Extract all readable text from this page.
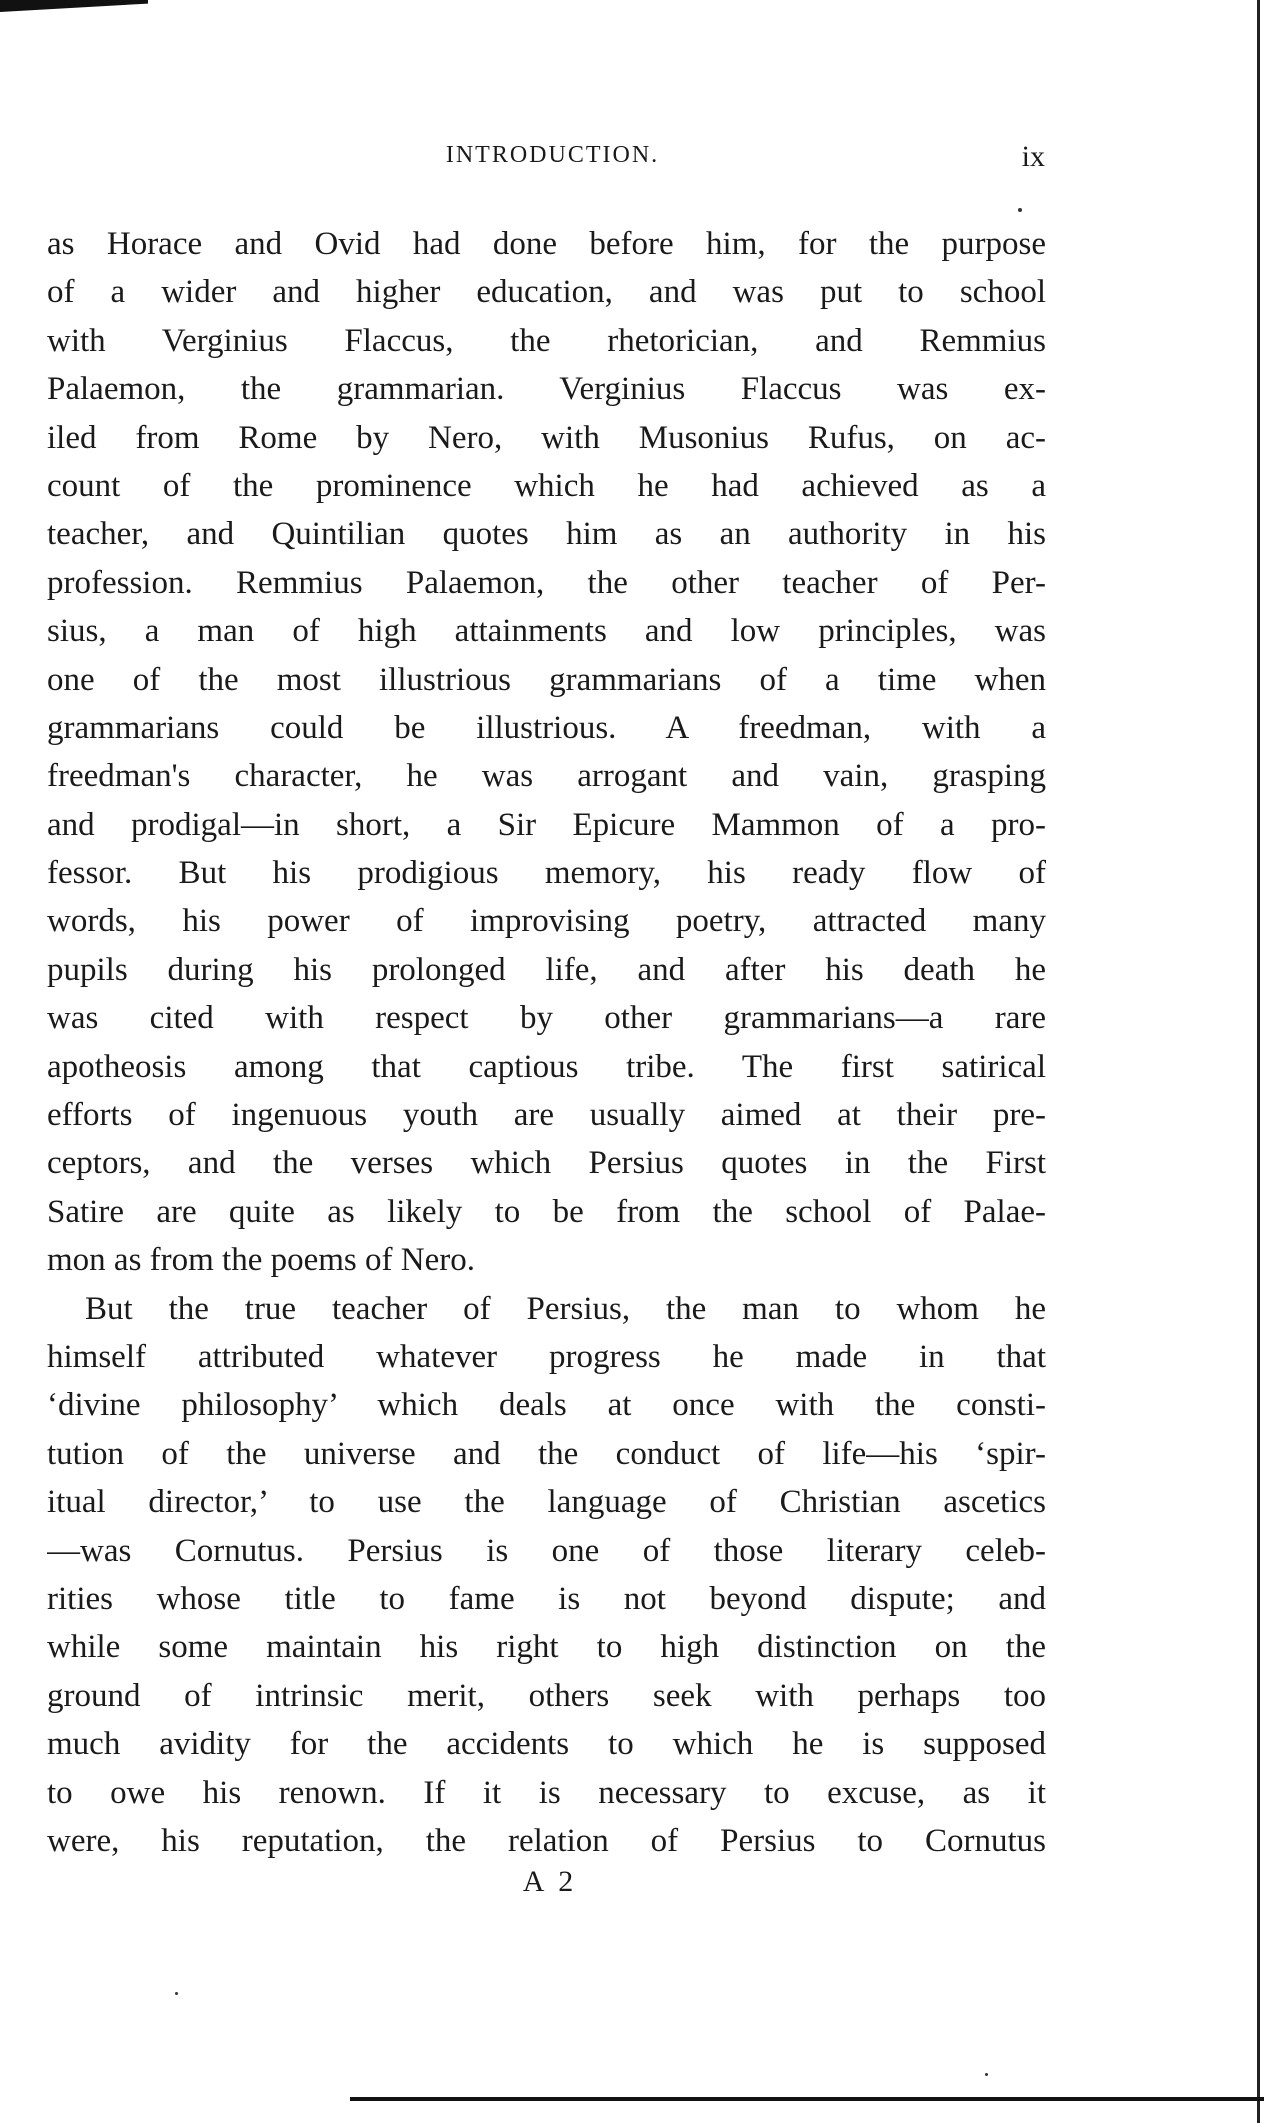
INTRODUCTION.	ix
as Horace and Ovid had done before him, for the purpose
of a wider and higher education, and was put to school
with Verginius Flaccus, the rhetorician, and Remmius
Palaemon, the grammarian. Verginius Flaccus was ex-
iled from Rome by Nero, with Musonius Rufus, on ac-
count of the prominence which he had achieved as a
teacher, and Quintilian quotes him as an authority in his
profession. Remmius Palaemon, the other teacher of Per-
sius, a man of high attainments and low principles, was
one of the most illustrious grammarians of a time when
grammarians could be illustrious. A freedman, with a
freedman's character, he was arrogant and vain, grasping
and prodigal—in short, a Sir Epicure Mammon of a pro-
fessor. But his prodigious memory, his ready flow of
words, his power of improvising poetry, attracted many
pupils during his prolonged life, and after his death he
was cited with respect by other grammarians—a rare
apotheosis among that captious tribe. The first satirical
efforts of ingenuous youth are usually aimed at their pre-
ceptors, and the verses which Persius quotes in the First
Satire are quite as likely to be from the school of Palae-
mon as from the poems of Nero.
But the true teacher of Persius, the man to whom he
himself attributed whatever progress he made in that
‘divine philosophy’ which deals at once with the consti-
tution of the universe and the conduct of life—his ‘spir-
itual director,’ to use the language of Christian ascetics
—was Cornutus. Persius is one of those literary celeb-
rities whose title to fame is not beyond dispute; and
while some maintain his right to high distinction on the
ground of intrinsic merit, others seek with perhaps too
much avidity for the accidents to which he is supposed
to owe his renown. If it is necessary to excuse, as it
were, his reputation, the relation of Persius to Cornutus
A 2
